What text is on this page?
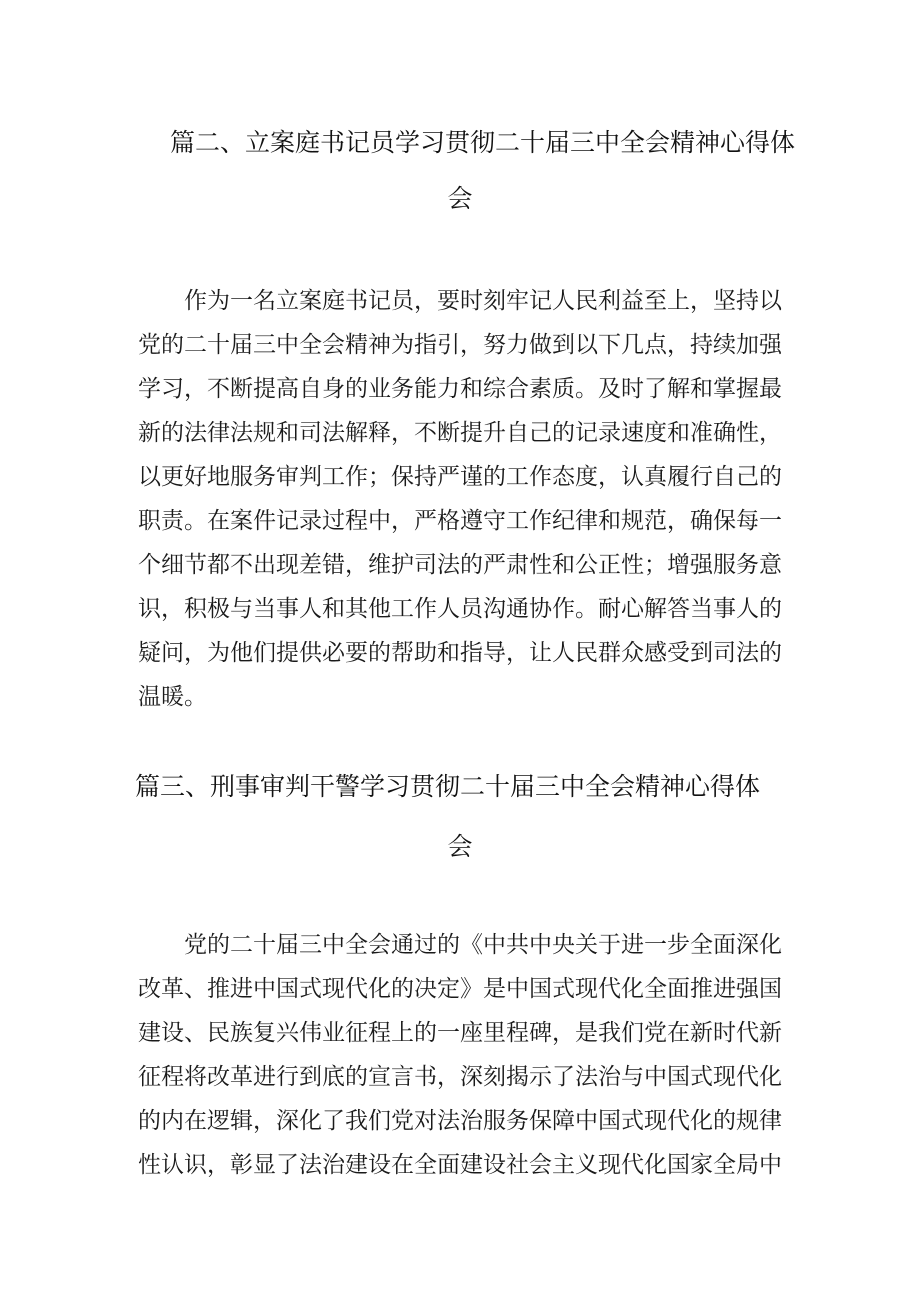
篇二、立案庭书记员学习贯彻二十届三中全会精神心得体
会
作为一名立案庭书记员，要时刻牢记人民利益至上，坚持以
党的二十届三中全会精神为指引，努力做到以下几点，持续加强
学习，不断提高自身的业务能力和综合素质。及时了解和掌握最
新的法律法规和司法解释，不断提升自己的记录速度和准确性，
以更好地服务审判工作；保持严谨的工作态度，认真履行自己的
职责。在案件记录过程中，严格遵守工作纪律和规范，确保每一
个细节都不出现差错，维护司法的严肃性和公正性；增强服务意
识，积极与当事人和其他工作人员沟通协作。耐心解答当事人的
疑问，为他们提供必要的帮助和指导，让人民群众感受到司法的
温暖。
篇三、刑事审判干警学习贯彻二十届三中全会精神心得体
会
党的二十届三中全会通过的《中共中央关于进一步全面深化
改革、推进中国式现代化的决定》是中国式现代化全面推进强国
建设、民族复兴伟业征程上的一座里程碑，是我们党在新时代新
征程将改革进行到底的宣言书，深刻揭示了法治与中国式现代化
的内在逻辑，深化了我们党对法治服务保障中国式现代化的规律
性认识，彰显了法治建设在全面建设社会主义现代化国家全局中
